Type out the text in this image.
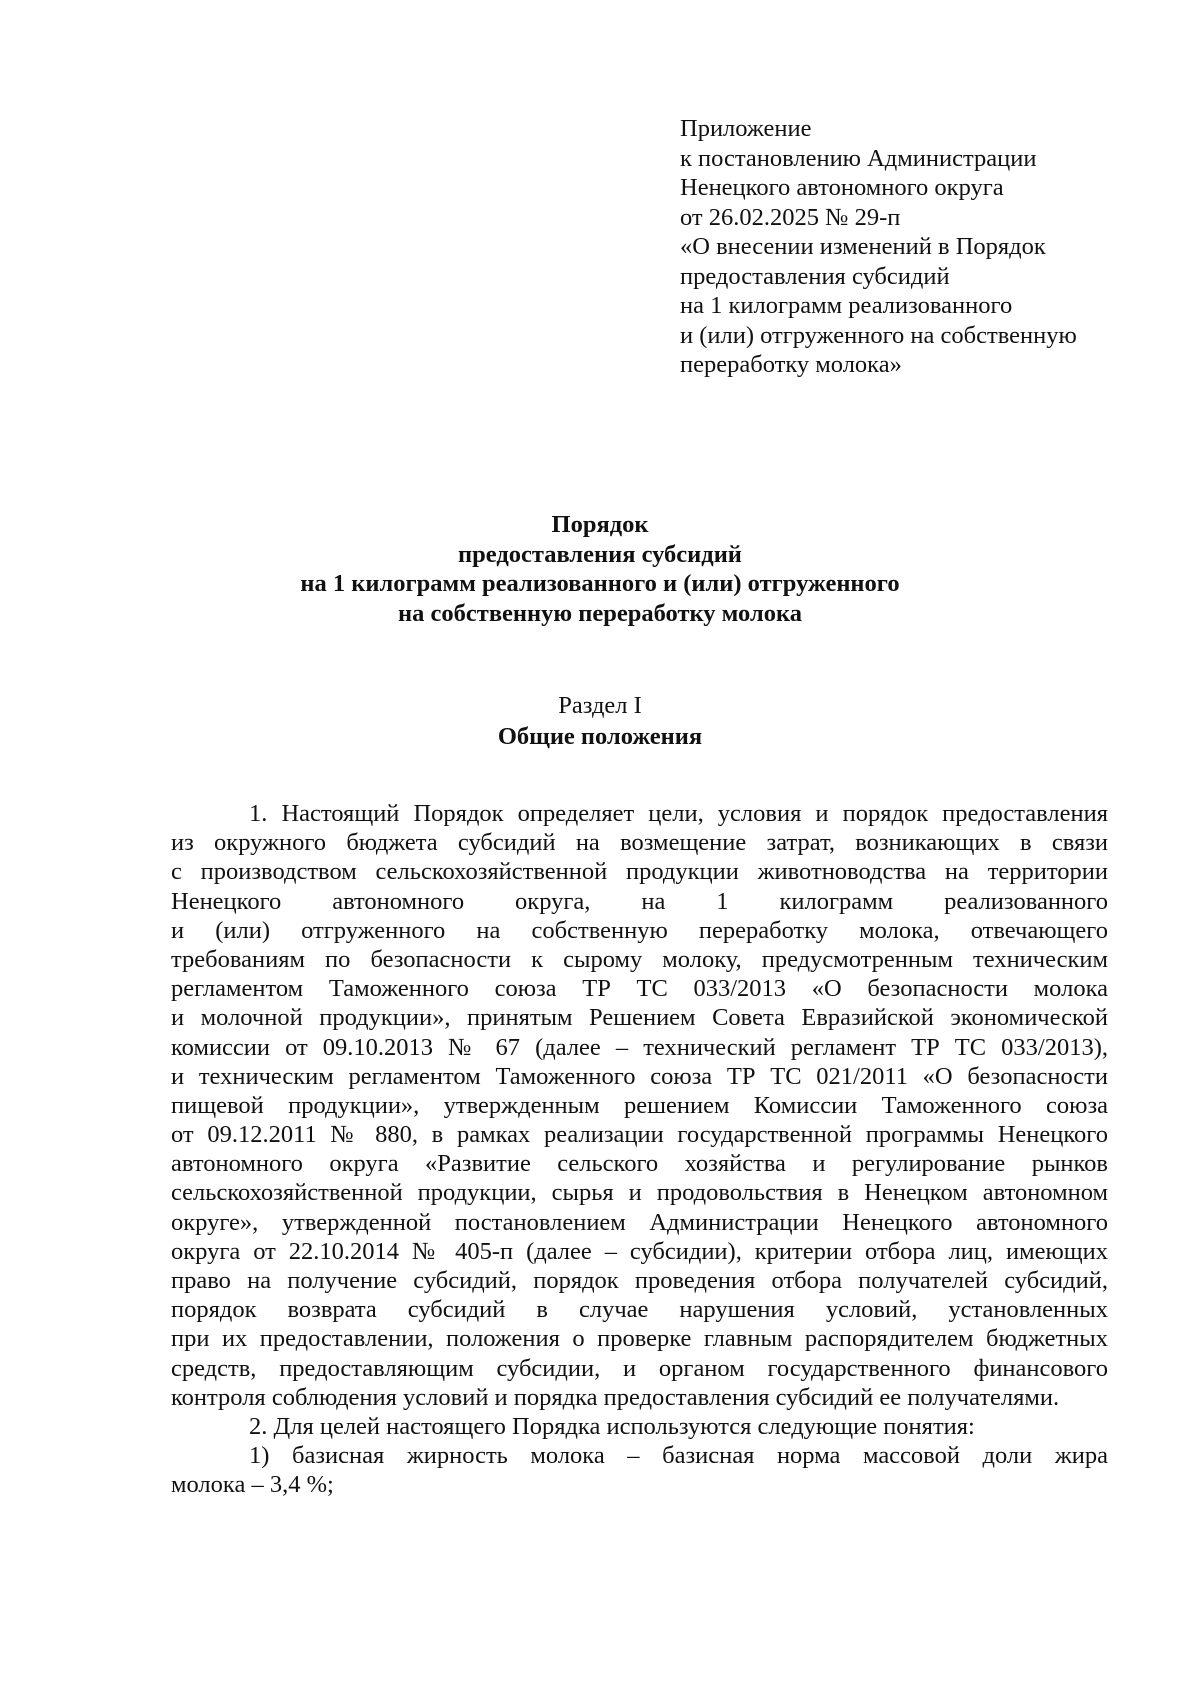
Приложение
к постановлению Администрации
Ненецкого автономного округа
от 26.02.2025 № 29-п
«О внесении изменений в Порядок
предоставления субсидий
на 1 килограмм реализованного
и (или) отгруженного на собственную
переработку молока»
Порядок
предоставления субсидий
на 1 килограмм реализованного и (или) отгруженного
на собственную переработку молока
Раздел I
Общие положения
1. Настоящий Порядок определяет цели, условия и порядок предоставления
из окружного бюджета субсидий на возмещение затрат, возникающих в связи
с производством сельскохозяйственной продукции животноводства на территории
Ненецкого автономного округа, на 1 килограмм реализованного
и (или) отгруженного на собственную переработку молока, отвечающего
требованиям по безопасности к сырому молоку, предусмотренным техническим
регламентом Таможенного союза ТР ТС 033/2013 «О безопасности молока
и молочной продукции», принятым Решением Совета Евразийской экономической
комиссии от 09.10.2013 № 67 (далее – технический регламент ТР ТС 033/2013),
и техническим регламентом Таможенного союза ТР ТС 021/2011 «О безопасности
пищевой продукции», утвержденным решением Комиссии Таможенного союза
от 09.12.2011 № 880, в рамках реализации государственной программы Ненецкого
автономного округа «Развитие сельского хозяйства и регулирование рынков
сельскохозяйственной продукции, сырья и продовольствия в Ненецком автономном
округе», утвержденной постановлением Администрации Ненецкого автономного
округа от 22.10.2014 № 405-п (далее – субсидии), критерии отбора лиц, имеющих
право на получение субсидий, порядок проведения отбора получателей субсидий,
порядок возврата субсидий в случае нарушения условий, установленных
при их предоставлении, положения о проверке главным распорядителем бюджетных
средств, предоставляющим субсидии, и органом государственного финансового
контроля соблюдения условий и порядка предоставления субсидий ее получателями.
2. Для целей настоящего Порядка используются следующие понятия:
1) базисная жирность молока – базисная норма массовой доли жира
молока – 3,4 %;
